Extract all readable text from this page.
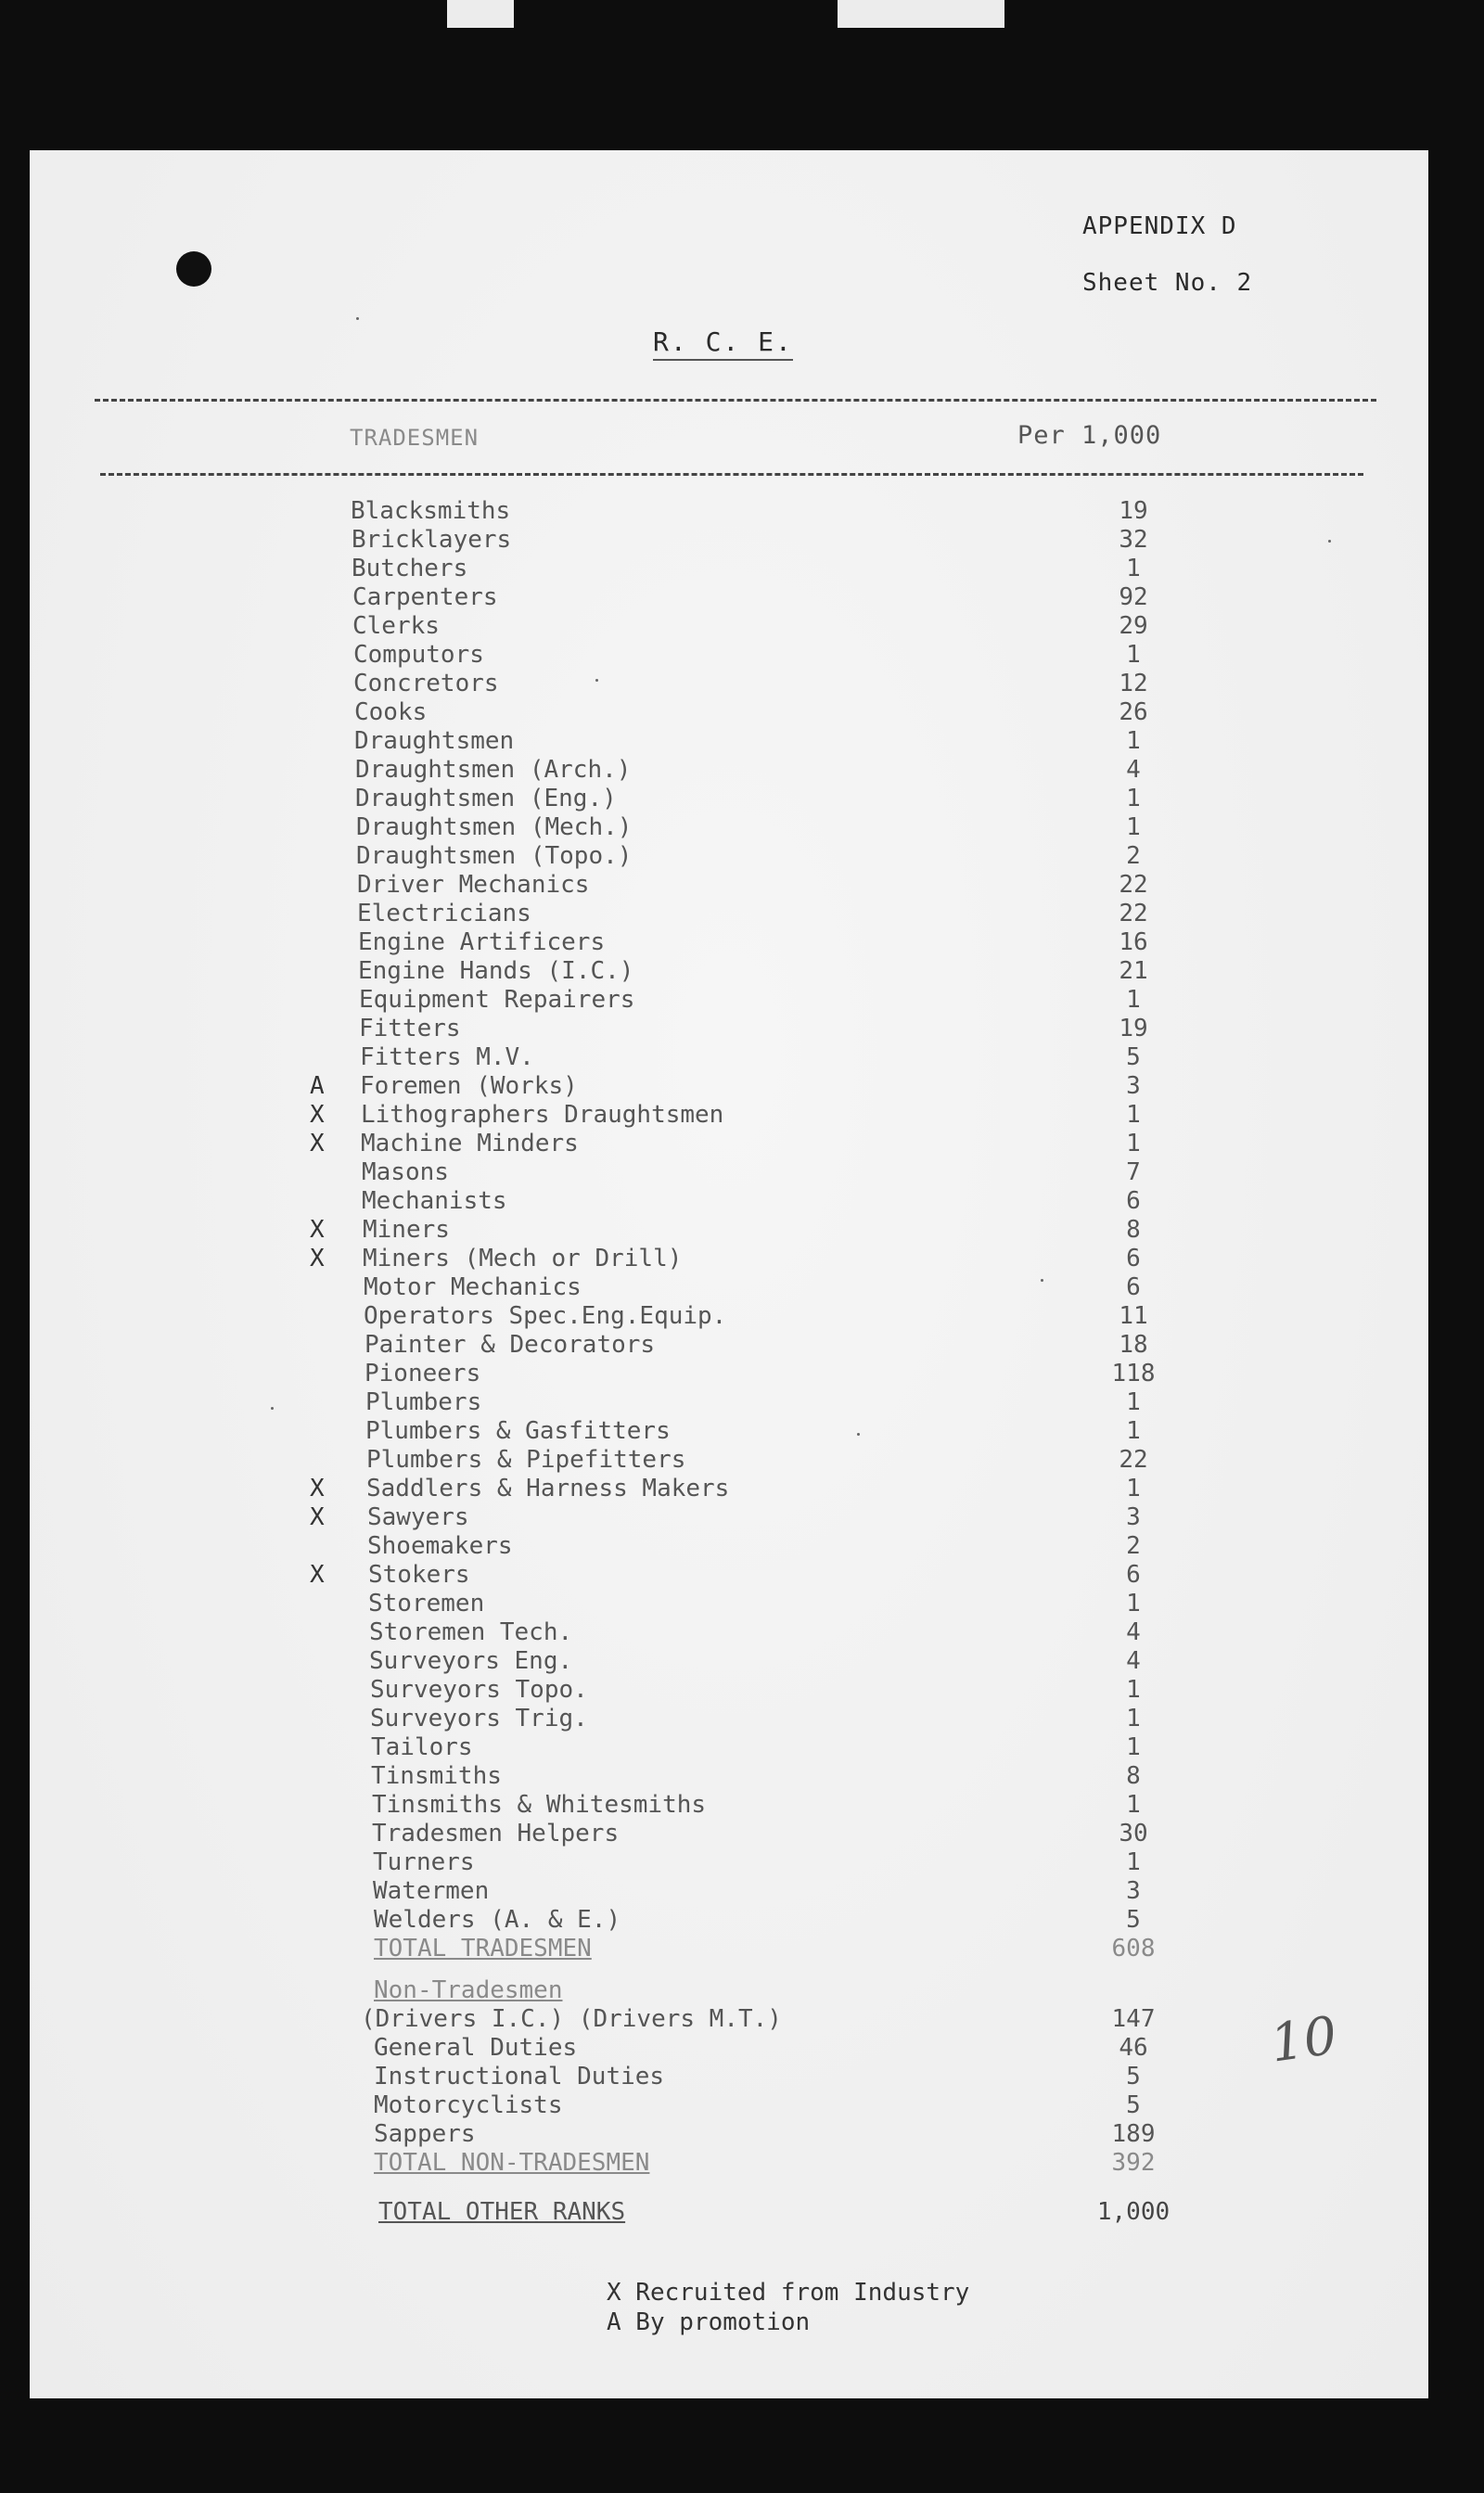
APPENDIX D
Sheet No. 2
R. C. E.
TRADESMEN	Per 1,000
Blacksmiths	19
Bricklayers	32
Butchers	1
Carpenters	92
Clerks	29
Computors	1
Concretors	12
Cooks	26
Draughtsmen	1
Draughtsmen (Arch.)	4
Draughtsmen (Eng.)	1
Draughtsmen (Mech.)	1
Draughtsmen (Topo.)	2
Driver Mechanics	22
Electricians	22
Engine Artificers	16
Engine Hands (I.C.)	21
Equipment Repairers	1
Fitters	19
Fitters M.V.	5
A Foremen (Works)	3
X Lithographers Draughtsmen	1
X Machine Minders	1
Masons	7
Mechanists	6
X Miners	8
X Miners (Mech or Drill)	6
Motor Mechanics	6
Operators Spec.Eng.Equip.	11
Painter & Decorators	18
Pioneers	118
Plumbers	1
Plumbers & Gasfitters	1
Plumbers & Pipefitters	22
X Saddlers & Harness Makers	1
X Sawyers	3
Shoemakers	2
X Stokers	6
Storemen	1
Storemen Tech.	4
Surveyors Eng.	4
Surveyors Topo.	1
Surveyors Trig.	1
Tailors	1
Tinsmiths	8
Tinsmiths & Whitesmiths	1
Tradesmen Helpers	30
Turners	1
Watermen	3
Welders (A. & E.)	5
TOTAL TRADESMEN	608
Non-Tradesmen
(Drivers I.C.) (Drivers M.T.)	147
General Duties	46
Instructional Duties	5
Motorcyclists	5
Sappers	189
TOTAL NON-TRADESMEN	392
TOTAL OTHER RANKS	1,000
X Recruited from Industry
A By promotion
10
